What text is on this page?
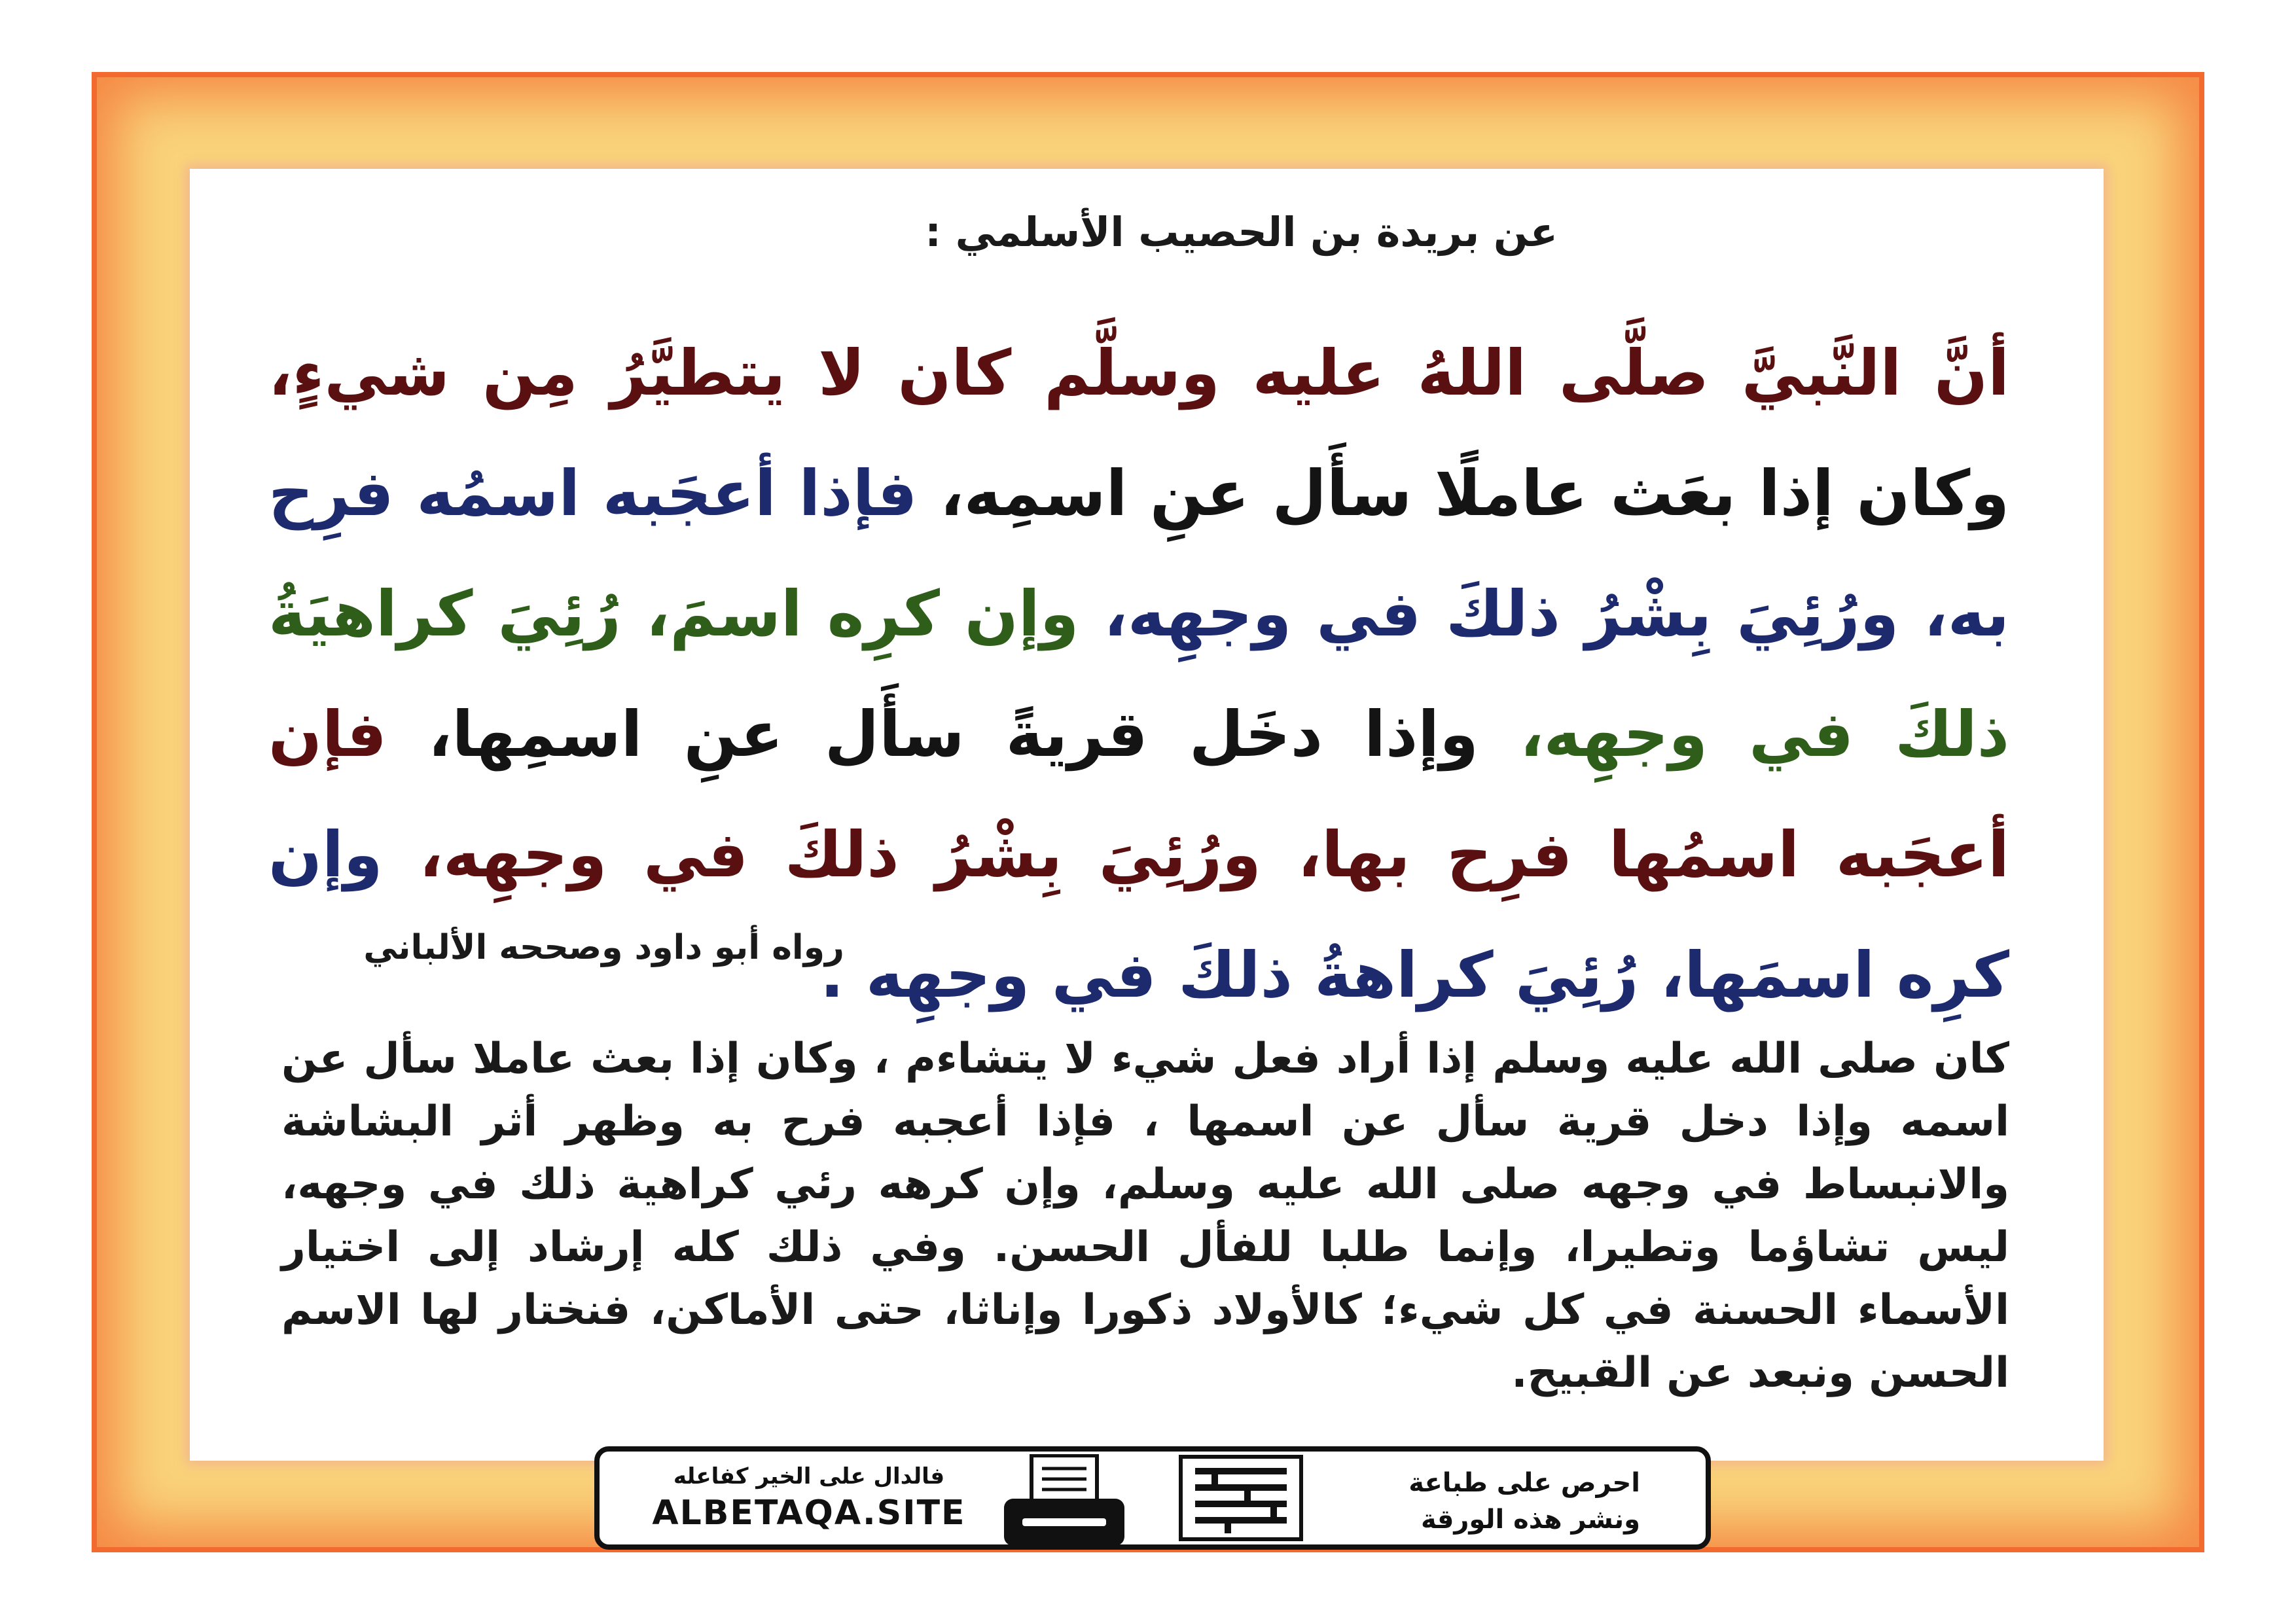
عن بريدة بن الحصيب الأسلمي :
أنَّ النَّبيَّ صلَّى اللهُ عليه وسلَّم كان لا يتطيَّرُ مِن شيءٍ، وكان إذا بعَث عاملًا سأَل عنِ اسمِه، فإذا أعجَبه اسمُه فرِح به، ورُئِيَ بِشْرُ ذلكَ في وجهِه، وإن كرِه اسمَ، رُئِيَ كراهيَةُ ذلكَ في وجهِه، وإذا دخَل قريةً سأَل عنِ اسمِها، فإن أعجَبه اسمُها فرِح بها، ورُئِيَ بِشْرُ ذلكَ في وجهِه، وإن كرِه اسمَها، رُئِيَ كراهةُ ذلكَ في وجهِه .
رواه أبو داود وصححه الألباني
كان صلى الله عليه وسلم إذا أراد فعل شيء لا يتشاءم ، وكان إذا بعث عاملا سأل عن اسمه وإذا دخل قرية سأل عن اسمها ، فإذا أعجبه فرح به وظهر أثر البشاشة والانبساط في وجهه صلى الله عليه وسلم، وإن كرهه رئي كراهية ذلك في وجهه، ليس تشاؤما وتطيرا، وإنما طلبا للفأل الحسن. وفي ذلك كله إرشاد إلى اختيار الأسماء الحسنة في كل شيء؛ كالأولاد ذكورا وإناثا، حتى الأماكن، فنختار لها الاسم الحسن ونبعد عن القبيح.
احرص على طباعة
ونشر هذه الورقة
فالدال على الخير كفاعله
ALBETAQA.SITE
